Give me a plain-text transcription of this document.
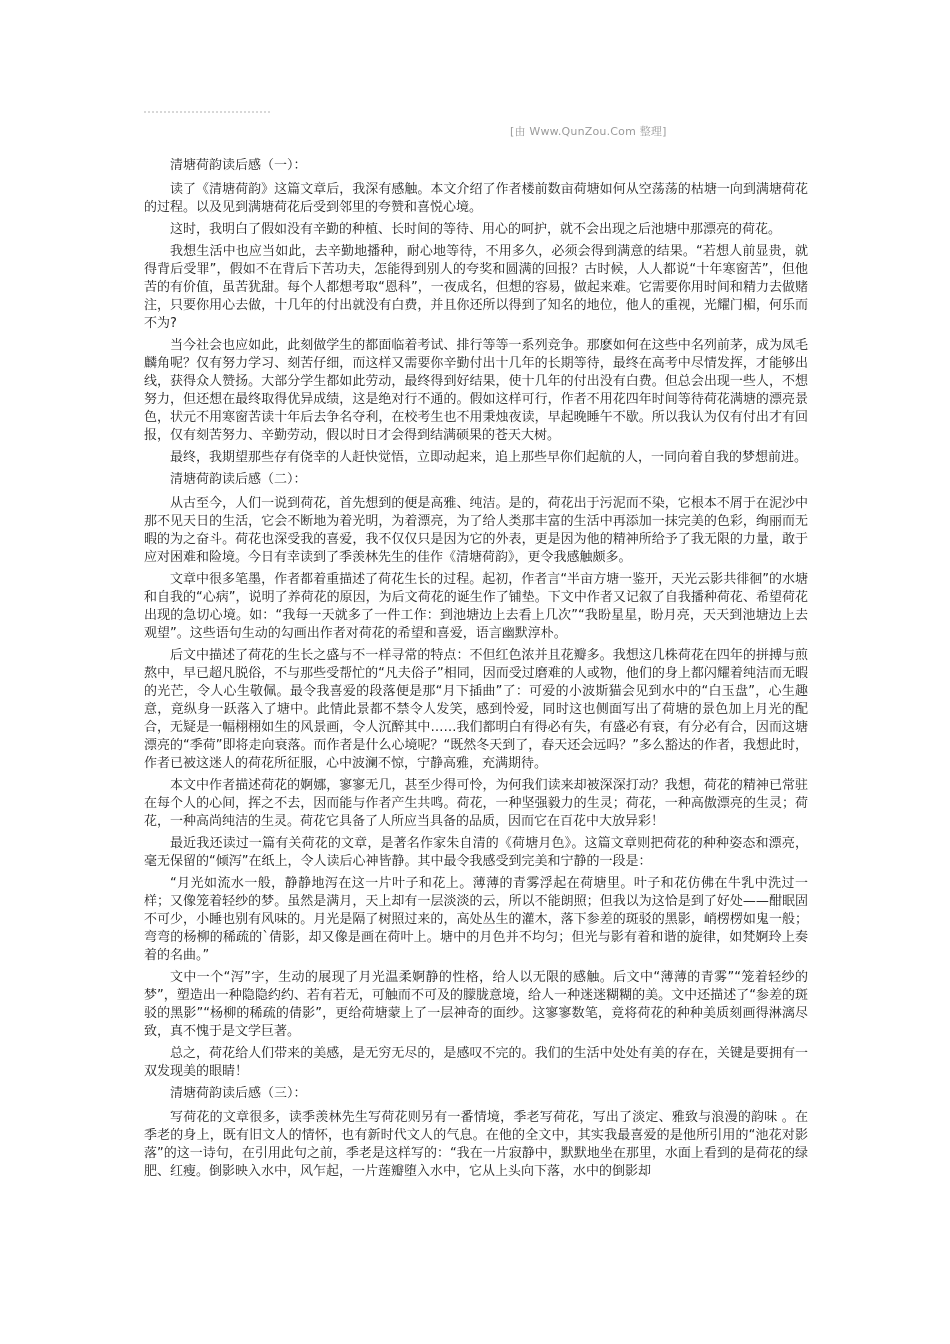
[由 Www.QunZou.Com 整理]

清塘荷韵读后感（一）：

读了《清塘荷韵》这篇文章后，我深有感触。本文介绍了作者楼前数亩荷塘如何从空荡荡的枯塘一向到满塘荷花的过程。以及见到满塘荷花后受到邻里的夸赞和喜悦心境。

这时，我明白了假如没有辛勤的种植、长时间的等待、用心的呵护，就不会出现之后池塘中那漂亮的荷花。

我想生活中也应当如此，去辛勤地播种，耐心地等待，不用多久，必须会得到满意的结果。“若想人前显贵，就得背后受罪”，假如不在背后下苦功夫，怎能得到别人的夸奖和圆满的回报？古时候，人人都说“十年寒窗苦”，但他苦的有价值，虽苦犹甜。每个人都想考取“恩科”，一夜成名，但想的容易，做起来难。它需要你用时间和精力去做赌注，只要你用心去做，十几年的付出就没有白费，并且你还所以得到了知名的地位，他人的重视，光耀门楣，何乐而不为?

当今社会也应如此，此刻做学生的都面临着考试、排行等等一系列竞争。那麽如何在这些中名列前茅，成为凤毛麟角呢？仅有努力学习、刻苦仔细，而这样又需要你辛勤付出十几年的长期等待，最终在高考中尽情发挥，才能够出线，获得众人赞扬。大部分学生都如此劳动，最终得到好结果，使十几年的付出没有白费。但总会出现一些人，不想努力，但还想在最终取得优异成绩，这是绝对行不通的。假如这样可行，作者不用花四年时间等待荷花满塘的漂亮景色，状元不用寒窗苦读十年后去争名夺利，在校考生也不用秉烛夜读，早起晚睡午不歇。所以我认为仅有付出才有回报，仅有刻苦努力、辛勤劳动，假以时日才会得到结满硕果的苍天大树。

最终，我期望那些存有侥幸的人赶快觉悟，立即动起来，追上那些早你们起航的人，一同向着自我的梦想前进。

清塘荷韵读后感（二）：

从古至今，人们一说到荷花，首先想到的便是高雅、纯洁。是的，荷花出于污泥而不染，它根本不屑于在泥沙中那不见天日的生活，它会不断地为着光明，为着漂亮，为了给人类那丰富的生活中再添加一抹完美的色彩，绚丽而无暇的为之奋斗。荷花也深受我的喜爱，我不仅仅只是因为它的外表，更是因为他的精神所给予了我无限的力量，敢于应对困难和险境。今日有幸读到了季羡林先生的佳作《清塘荷韵》，更令我感触颇多。

文章中很多笔墨，作者都着重描述了荷花生长的过程。起初，作者言“半亩方塘一鉴开，天光云影共徘徊”的水塘和自我的“心病”，说明了养荷花的原因，为后文荷花的诞生作了铺垫。下文中作者又记叙了自我播种荷花、希望荷花出现的急切心境。如：“我每一天就多了一件工作：到池塘边上去看上几次”“我盼星星，盼月亮，天天到池塘边上去观望”。这些语句生动的勾画出作者对荷花的希望和喜爱，语言幽默淳朴。

后文中描述了荷花的生长之盛与不一样寻常的特点：不但红色浓并且花瓣多。我想这几株荷花在四年的拼搏与煎熬中，早已超凡脱俗，不与那些受帮忙的“凡夫俗子”相同，因而受过磨难的人或物，他们的身上都闪耀着纯洁而无暇的光芒，令人心生敬佩。最令我喜爱的段落便是那“月下插曲”了：可爱的小波斯猫会见到水中的“白玉盘”，心生趣意，竟纵身一跃落入了塘中。此情此景都不禁令人发笑，感到怜爱，同时这也侧面写出了荷塘的景色加上月光的配合，无疑是一幅栩栩如生的风景画，令人沉醉其中……我们都明白有得必有失，有盛必有衰，有分必有合，因而这塘漂亮的“季荷”即将走向衰落。而作者是什么心境呢？“既然冬天到了，春天还会远吗？”多么豁达的作者，我想此时，作者已被这迷人的荷花所征服，心中波澜不惊，宁静高雅，充满期待。

本文中作者描述荷花的婀娜，寥寥无几，甚至少得可怜，为何我们读来却被深深打动？我想，荷花的精神已常驻在每个人的心间，挥之不去，因而能与作者产生共鸣。荷花，一种坚强毅力的生灵；荷花，一种高傲漂亮的生灵；荷花，一种高尚纯洁的生灵。荷花它具备了人所应当具备的品质，因而它在百花中大放异彩！

最近我还读过一篇有关荷花的文章，是著名作家朱自清的《荷塘月色》。这篇文章则把荷花的种种姿态和漂亮，毫无保留的“倾泻”在纸上，令人读后心神皆静。其中最令我感受到完美和宁静的一段是：

“月光如流水一般，静静地泻在这一片叶子和花上。薄薄的青雾浮起在荷塘里。叶子和花仿佛在牛乳中洗过一样；又像笼着轻纱的梦。虽然是满月，天上却有一层淡淡的云，所以不能朗照；但我以为这恰是到了好处——酣眠固不可少，小睡也别有风味的。月光是隔了树照过来的，高处丛生的灌木，落下参差的斑驳的黑影，峭楞楞如鬼一般；弯弯的杨柳的稀疏的`倩影，却又像是画在荷叶上。塘中的月色并不均匀；但光与影有着和谐的旋律，如梵婀玲上奏着的名曲。”

文中一个“泻”字，生动的展现了月光温柔婀静的性格，给人以无限的感触。后文中“薄薄的青雾”“笼着轻纱的梦”，塑造出一种隐隐约约、若有若无，可触而不可及的朦胧意境，给人一种迷迷糊糊的美。文中还描述了“参差的斑驳的黑影”“杨柳的稀疏的倩影”，更给荷塘蒙上了一层神奇的面纱。这寥寥数笔，竟将荷花的种种美质刻画得淋漓尽致，真不愧于是文学巨著。

总之，荷花给人们带来的美感，是无穷无尽的，是感叹不完的。我们的生活中处处有美的存在，关键是要拥有一双发现美的眼睛！

清塘荷韵读后感（三）：

写荷花的文章很多，读季羡林先生写荷花则另有一番情境，季老写荷花，写出了淡定、雅致与浪漫的韵味 。在季老的身上，既有旧文人的情怀，也有新时代文人的气息。在他的全文中，其实我最喜爱的是他所引用的“池花对影落”的这一诗句，在引用此句之前，季老是这样写的：“我在一片寂静中，默默地坐在那里，水面上看到的是荷花的绿肥、红瘦。倒影映入水中，风乍起，一片莲瓣堕入水中，它从上头向下落，水中的倒影却
